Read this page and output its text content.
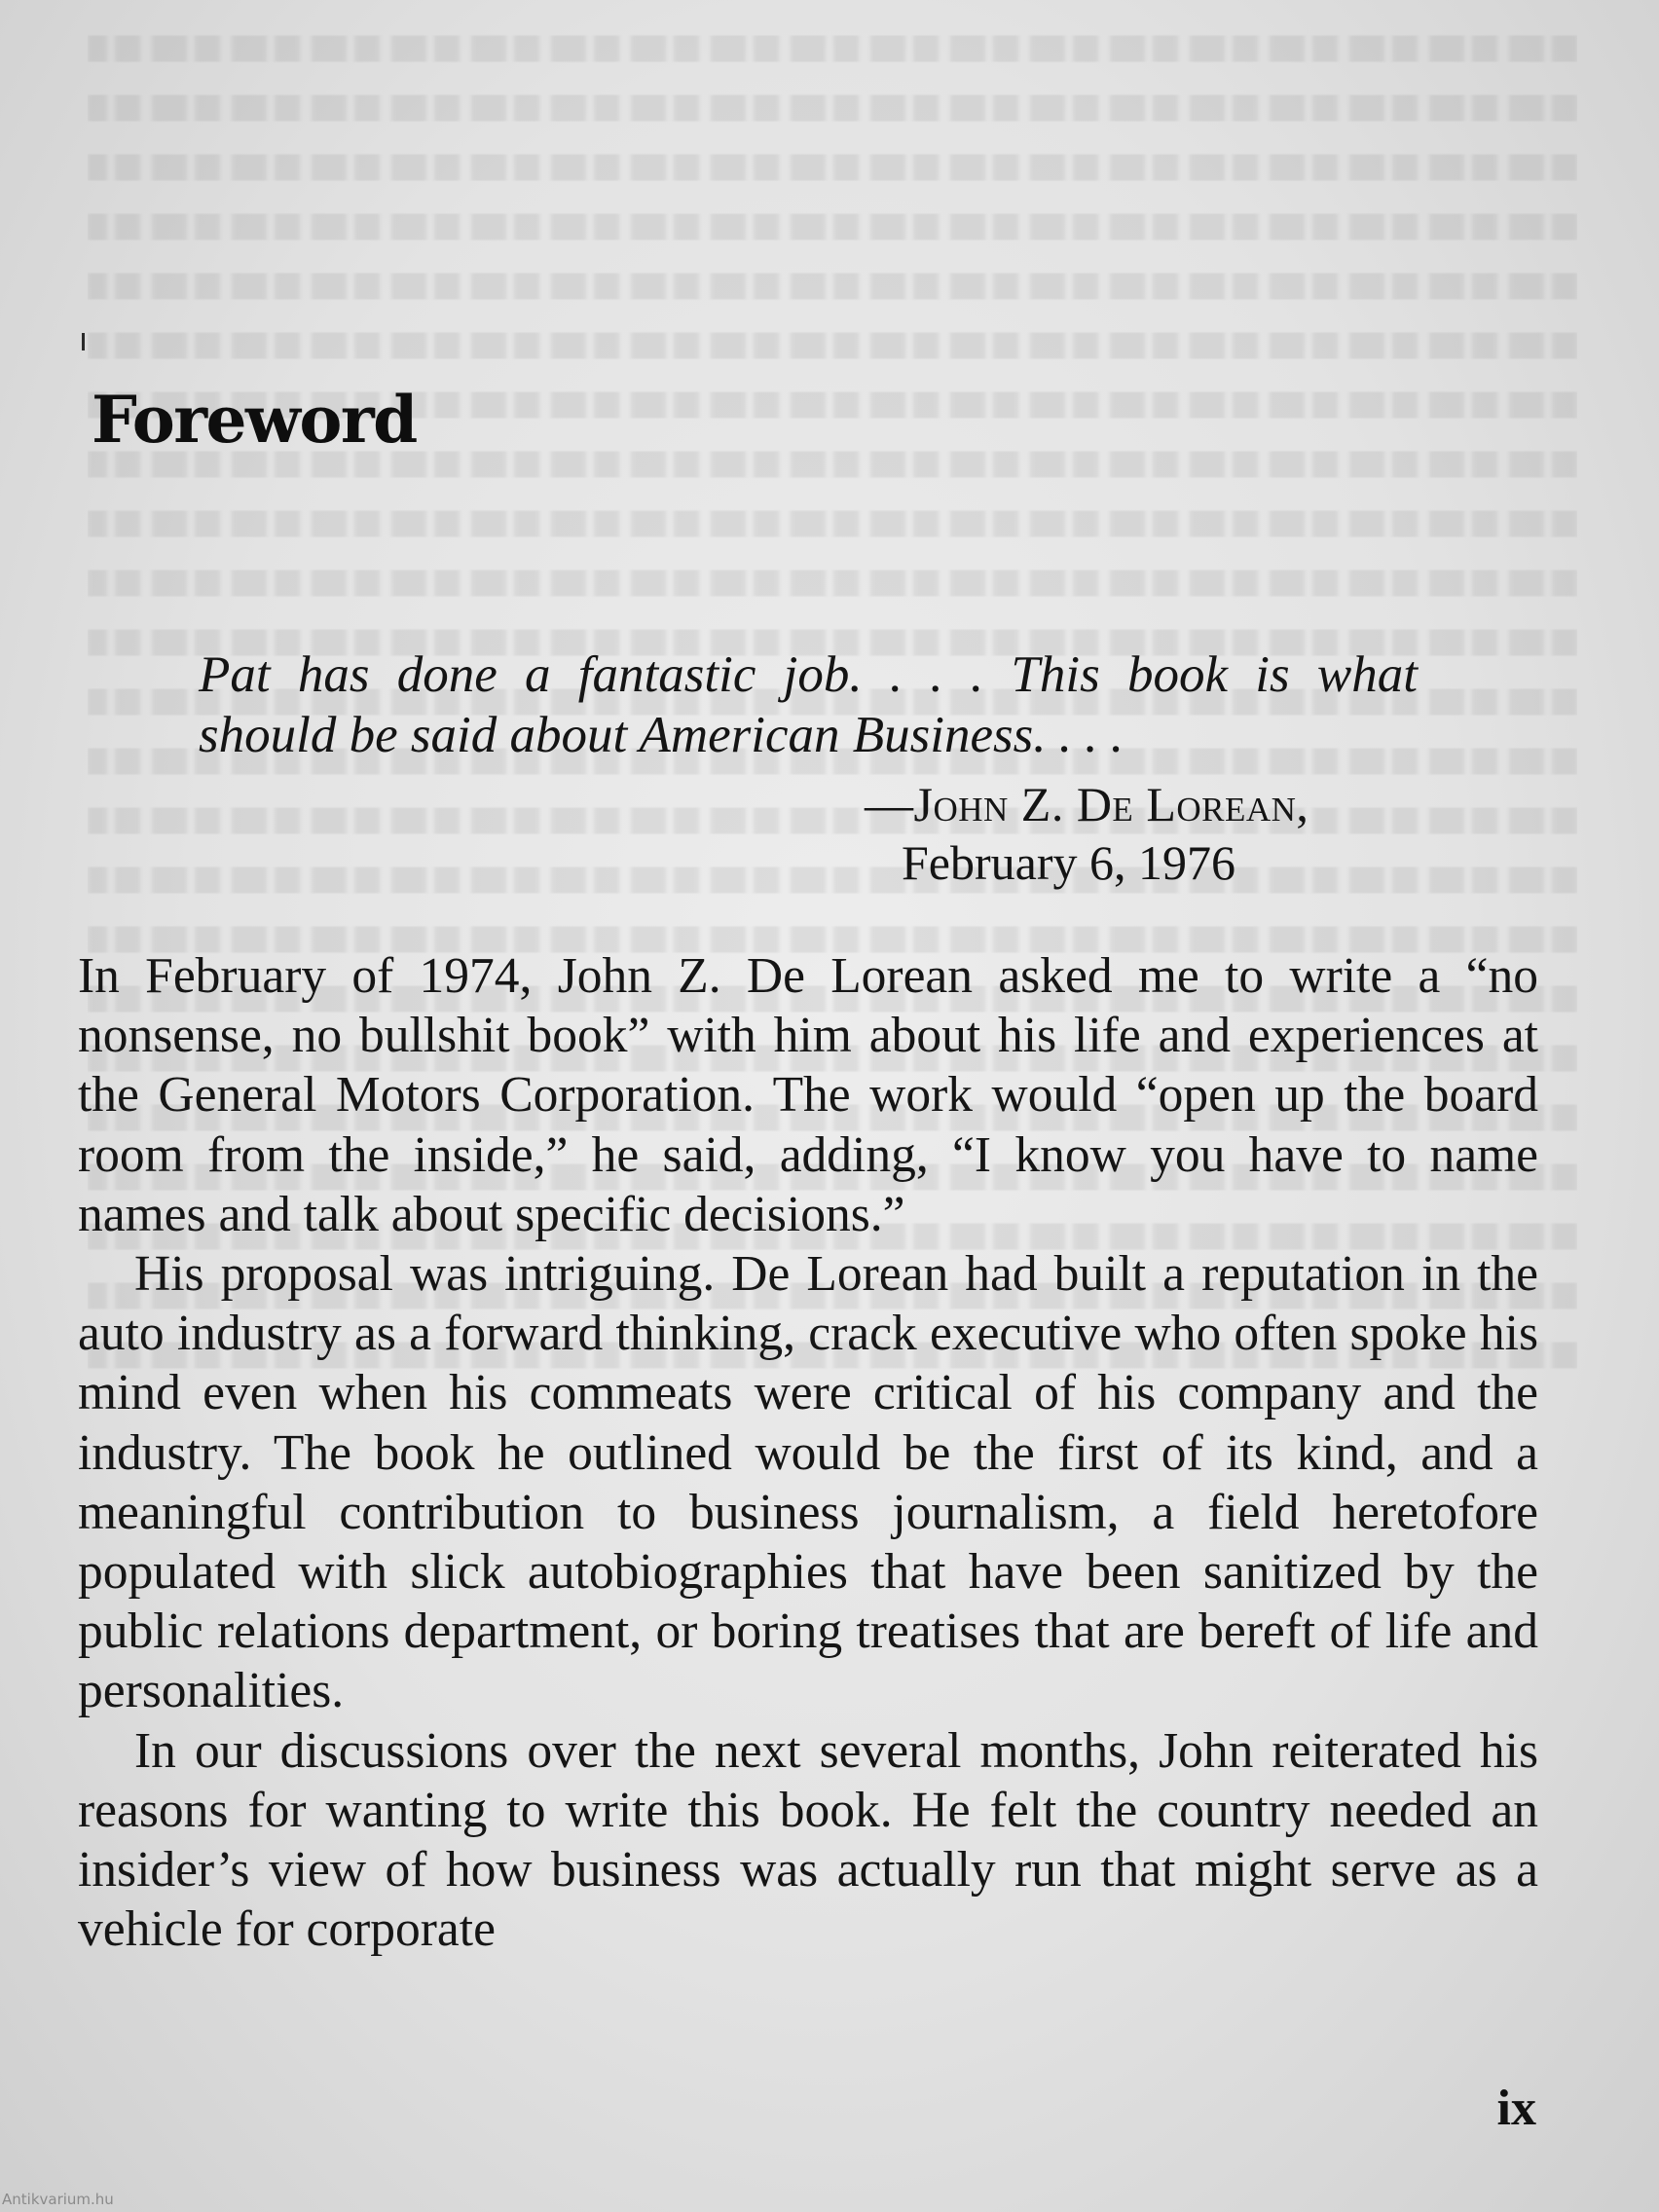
Foreword

Pat has done a fantastic job. . . . This book is what
should be said about American Business. . . .

—John Z. De Lorean,
February 6, 1976

In February of 1974, John Z. De Lorean asked me to write a “no nonsense, no bullshit book” with him about his life and experiences at the General Motors Corporation. The work would “open up the board room from the inside,” he said, adding, “I know you have to name names and talk about specific decisions.”

His proposal was intriguing. De Lorean had built a reputation in the auto industry as a forward thinking, crack executive who often spoke his mind even when his commeats were critical of his company and the industry. The book he outlined would be the first of its kind, and a meaningful contribution to business journalism, a field heretofore populated with slick autobiographies that have been sanitized by the public relations department, or boring treatises that are bereft of life and personalities.

In our discussions over the next several months, John reiterated his reasons for wanting to write this book. He felt the country needed an insider’s view of how business was actually run that might serve as a vehicle for corporate

ix
Antikvarium.hu
